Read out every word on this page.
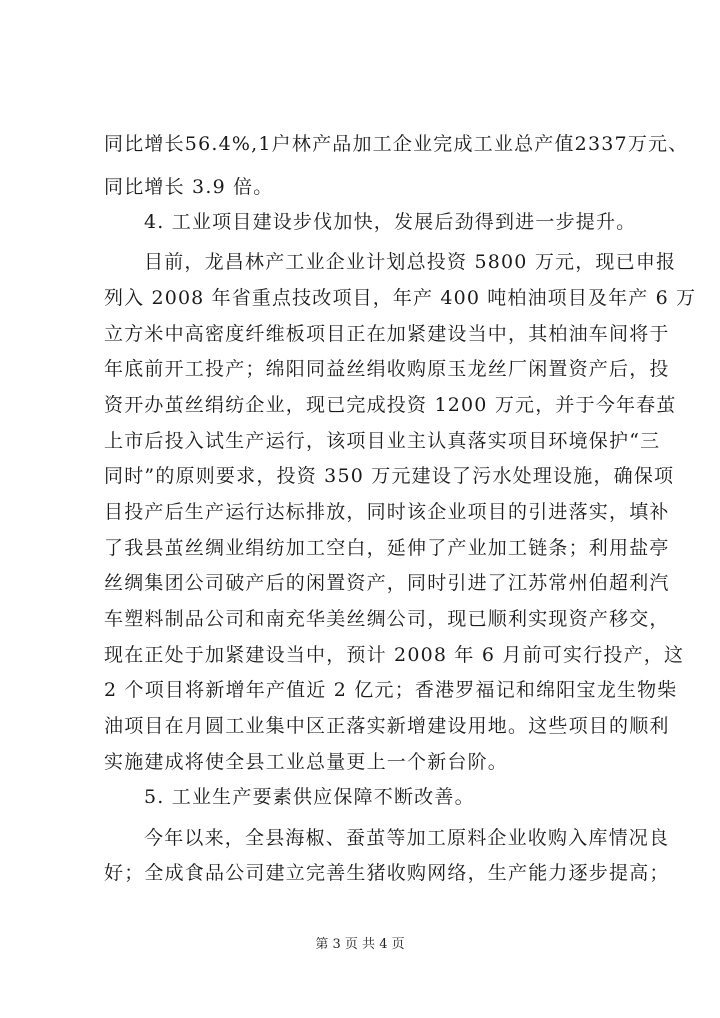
同比增长56.4%,1户林产品加工企业完成工业总产值2337万元、
同比增长 3.9 倍。
4. 工业项目建设步伐加快，发展后劲得到进一步提升。
目前，龙昌林产工业企业计划总投资 5800 万元，现已申报
列入 2008 年省重点技改项目，年产 400 吨柏油项目及年产 6 万
立方米中高密度纤维板项目正在加紧建设当中，其柏油车间将于
年底前开工投产；绵阳同益丝绢收购原玉龙丝厂闲置资产后，投
资开办茧丝绢纺企业，现已完成投资 1200 万元，并于今年春茧
上市后投入试生产运行，该项目业主认真落实项目环境保护“三
同时”的原则要求，投资 350 万元建设了污水处理设施，确保项
目投产后生产运行达标排放，同时该企业项目的引进落实，填补
了我县茧丝绸业绢纺加工空白，延伸了产业加工链条；利用盐亭
丝绸集团公司破产后的闲置资产，同时引进了江苏常州伯超利汽
车塑料制品公司和南充华美丝绸公司，现已顺利实现资产移交，
现在正处于加紧建设当中，预计 2008 年 6 月前可实行投产，这
2 个项目将新增年产值近 2 亿元；香港罗福记和绵阳宝龙生物柴
油项目在月圆工业集中区正落实新增建设用地。这些项目的顺利
实施建成将使全县工业总量更上一个新台阶。
5. 工业生产要素供应保障不断改善。
今年以来，全县海椒、蚕茧等加工原料企业收购入库情况良
好；全成食品公司建立完善生猪收购网络，生产能力逐步提高；
第 3 页 共 4 页
